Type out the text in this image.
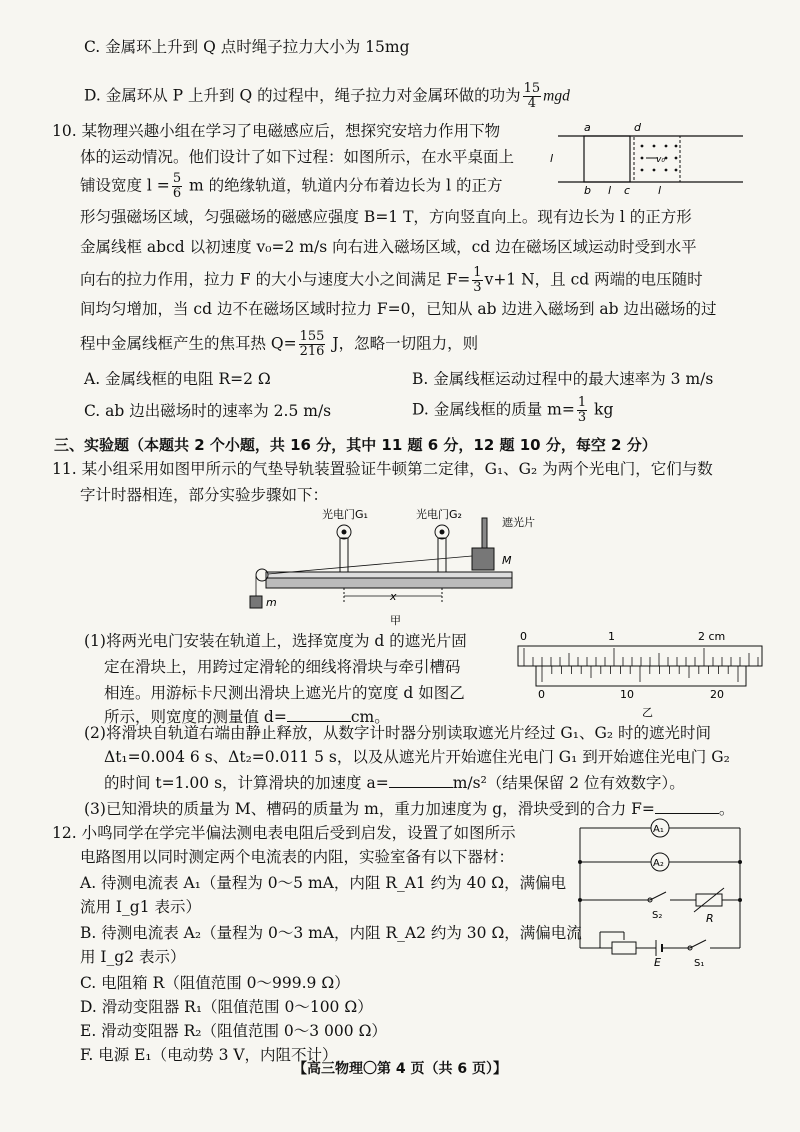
C. 金属环上升到 Q 点时绳子拉力大小为 15mg
D. 金属环从 P 上升到 Q 的过程中，绳子拉力对金属环做的功为 $\frac{15}{4}$ mgd
10. 某物理兴趣小组在学习了电磁感应后，想探究安培力作用下物
体的运动情况。他们设计了如下过程：如图所示，在水平桌面上
铺设宽度 $l = \frac{5}{6}$ m 的绝缘轨道，轨道内分布着边长为 l 的正方
v₀
a	d
b	c
l	l
l
形匀强磁场区域，匀强磁场的磁感应强度 B=1 T，方向竖直向上。现有边长为 l 的正方形
金属线框 abcd 以初速度 v₀=2 m/s 向右进入磁场区域，cd 边在磁场区域运动时受到水平
向右的拉力作用，拉力 F 的大小与速度大小之间满足 $F= \frac{1}{3} v+1$ N，且 cd 两端的电压随时
间均匀增加，当 cd 边不在磁场区域时拉力 F=0，已知从 ab 边进入磁场到 ab 边出磁场的过
程中金属线框产生的焦耳热 $Q= \frac{155}{216}$ J，忽略一切阻力，则
A. 金属线框的电阻 R=2 Ω	B. 金属线框运动过程中的最大速率为 3 m/s
C. ab 边出磁场时的速率为 2.5 m/s	D. 金属线框的质量 $m= \frac{1}{3}$ kg
三、实验题（本题共 2 个小题，共 16 分，其中 11 题 6 分，12 题 10 分，每空 2 分）
11. 某小组采用如图甲所示的气垫导轨装置验证牛顿第二定律，G₁、G₂ 为两个光电门，它们与数
字计时器相连，部分实验步骤如下：
光电门G₁	光电门G₂
遮光片
M
m	x
甲
(1)将两光电门安装在轨道上，选择宽度为 d 的遮光片固
定在滑块上，用跨过定滑轮的细线将滑块与牵引槽码
相连。用游标卡尺测出滑块上遮光片的宽度 d 如图乙
所示，则宽度的测量值 d=	cm。
0	1	2 cm
0	10	20
乙
(2)将滑块自轨道右端由静止释放，从数字计时器分别读取遮光片经过 G₁、G₂ 时的遮光时间
Δt₁=0.004 6 s、Δt₂=0.011 5 s，以及从遮光片开始遮住光电门 G₁ 到开始遮住光电门 G₂
的时间 t=1.00 s，计算滑块的加速度 a=	m/s²（结果保留 2 位有效数字）。
(3)已知滑块的质量为 M、槽码的质量为 m，重力加速度为 g，滑块受到的合力 F=	。
12. 小鸣同学在学完半偏法测电表电阻后受到启发，设置了如图所示
电路图用以同时测定两个电流表的内阻，实验室备有以下器材：
A. 待测电流表 A₁（量程为 0～5 mA，内阻 R_A1 约为 40 Ω，满偏电
流用 I_g1 表示）
B. 待测电流表 A₂（量程为 0～3 mA，内阻 R_A2 约为 30 Ω，满偏电流
用 I_g2 表示）
C. 电阻箱 R（阻值范围 0～999.9 Ω）
D. 滑动变阻器 R₁（阻值范围 0～100 Ω）
E. 滑动变阻器 R₂（阻值范围 0～3 000 Ω）
F. 电源 E₁（电动势 3 V，内阻不计）
A₁
A₂
S₂	R
E	S₁
【高三物理〇第 4 页（共 6 页）】
